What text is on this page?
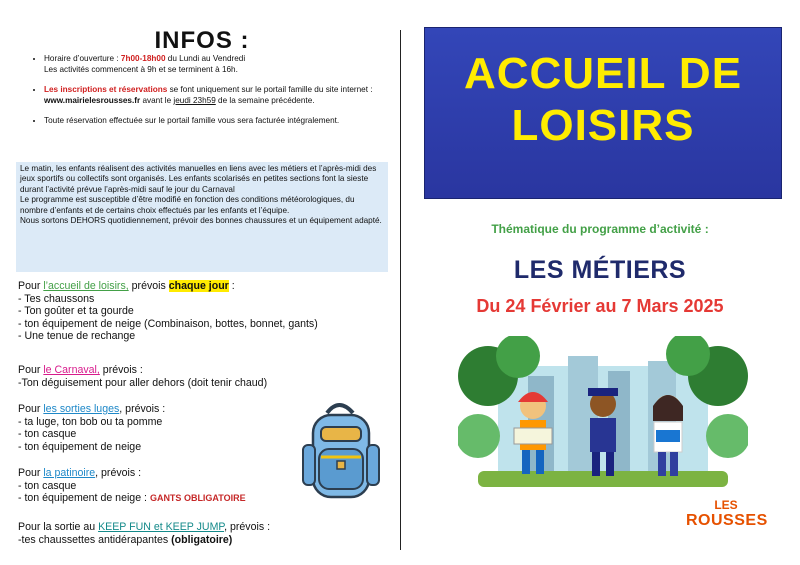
INFOS :
• Horaire d’ouverture : 7h00-18h00 du Lundi au Vendredi
Les activités commencent à 9h et se terminent à 16h.
• Les inscriptions et réservations se font uniquement sur le portail famille du site internet : www.mairielesrousses.fr avant le jeudi 23h59 de la semaine précédente.
• Toute réservation effectuée sur le portail famille vous sera facturée intégralement.

Le matin, les enfants réalisent des activités manuelles en liens avec les métiers et l’après-midi des jeux sportifs ou collectifs sont organisés. Les enfants scolarisés en petites sections font la sieste durant l’activité prévue l’après-midi sauf le jour du Carnaval

Le programme est susceptible d’être modifié en fonction des conditions météorologiques, du nombre d’enfants et de certains choix effectués par les enfants et l’équipe.

Nous sortons DEHORS quotidiennement, prévoir des bonnes chaussures et un équipement adapté.

Pour l’accueil de loisirs, prévois chaque jour :

- Tes chaussons

- Ton goûter et ta gourde

- ton équipement de neige (Combinaison, bottes, bonnet, gants)

- Une tenue de rechange

Pour le Carnaval, prévois :

-Ton déguisement pour aller dehors (doit tenir chaud)

Pour les sorties luges, prévois :

- ta luge, ton bob ou ta pomme

- ton casque

- ton équipement de neige

Pour la patinoire, prévois :

- ton casque

- ton équipement de neige : GANTS OBLIGATOIRE

Pour la sortie au KEEP FUN et KEEP JUMP, prévois :

-tes chaussettes antidérapantes (obligatoire)

ACCUEIL DE
LOISIRS
Thématique du programme d’activité :
LES MÉTIERS
Du 24 Février au 7 Mars 2025
LES
ROUSSES
